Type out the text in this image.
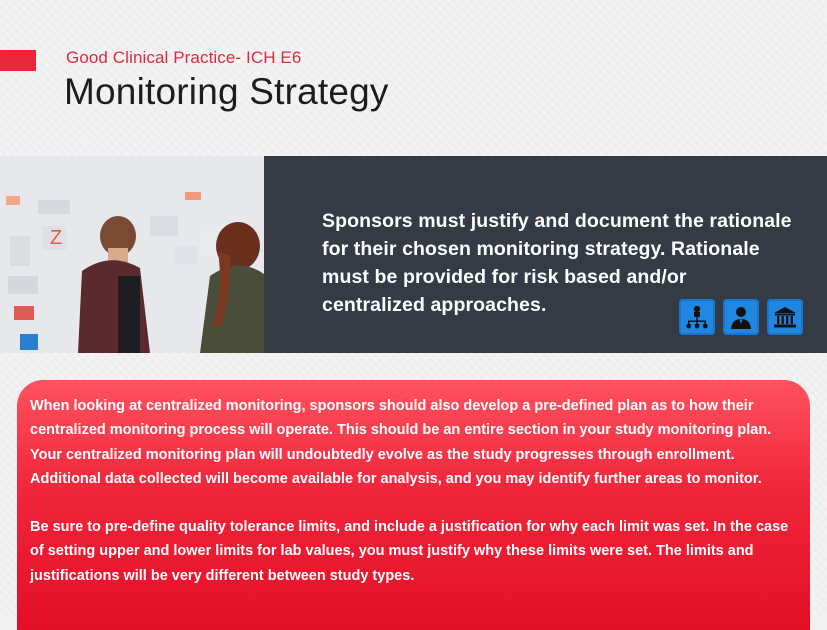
Good Clinical Practice- ICH E6
Monitoring Strategy
Z
Sponsors must justify and document the rationale for their chosen monitoring strategy. Rationale must be provided for risk based and/or centralized approaches.

When looking at centralized monitoring, sponsors should also develop a pre-defined plan as to how their centralized monitoring process will operate. This should be an entire section in your study monitoring plan. Your centralized monitoring plan will undoubtedly evolve as the study progresses through enrollment. Additional data collected will become available for analysis, and you may identify further areas to monitor.

Be sure to pre-define quality tolerance limits, and include a justification for why each limit was set. In the case of setting upper and lower limits for lab values, you must justify why these limits were set. The limits and justifications will be very different between study types.
